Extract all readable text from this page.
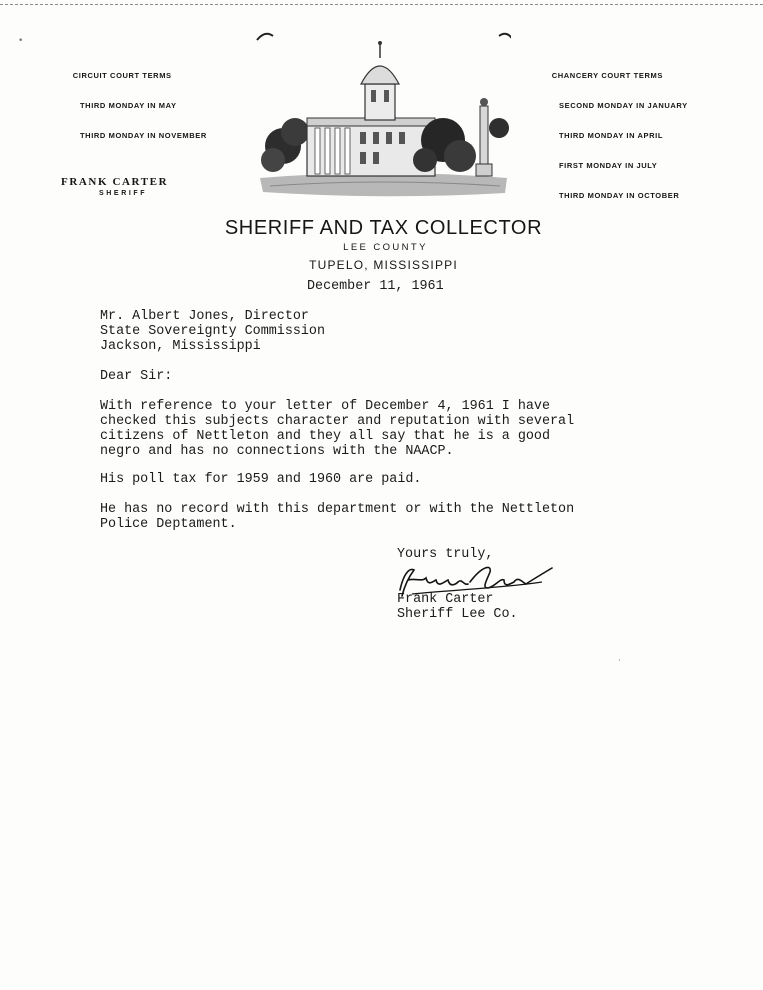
CIRCUIT COURT TERMS

THIRD MONDAY IN MAY

THIRD MONDAY IN NOVEMBER

CHANCERY COURT TERMS

SECOND MONDAY IN JANUARY

THIRD MONDAY IN APRIL

FIRST MONDAY IN JULY

THIRD MONDAY IN OCTOBER

FRANK CARTER
SHERIFF
SHERIFF AND TAX COLLECTOR
LEE COUNTY
TUPELO, MISSISSIPPI
December 11, 1961
Mr. Albert Jones, Director
State Sovereignty Commission
Jackson, Mississippi
Dear Sir:
With reference to your letter of December 4, 1961 I have
checked this subjects character and reputation with several
citizens of Nettleton and they all say that he is a good
negro and has no connections with the NAACP.
His poll tax for 1959 and 1960 are paid.
He has no record with this department or with the Nettleton
Police Deptament.
Yours truly,
Frank Carter
Sheriff Lee Co.
•
·
